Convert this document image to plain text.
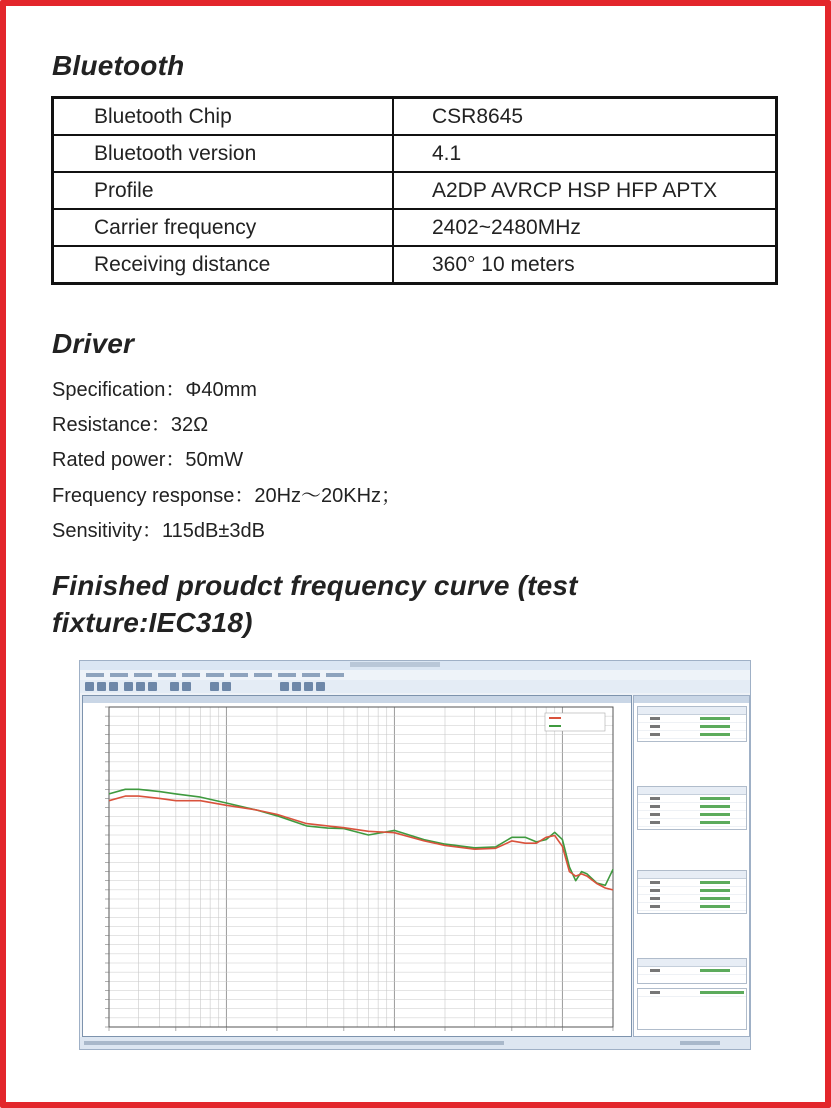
Bluetooth
Bluetooth Chip	CSR8645
Bluetooth version	4.1
Profile	A2DP AVRCP HSP HFP APTX
Carrier frequency	2402~2480MHz
Receiving distance	360° 10 meters
Driver
Specification：Φ40mm
Resistance：32Ω
Rated power：50mW
Frequency response：20Hz～20KHz；
Sensitivity：115dB±3dB
Finished proudct frequency curve (test
fixture:IEC318)
